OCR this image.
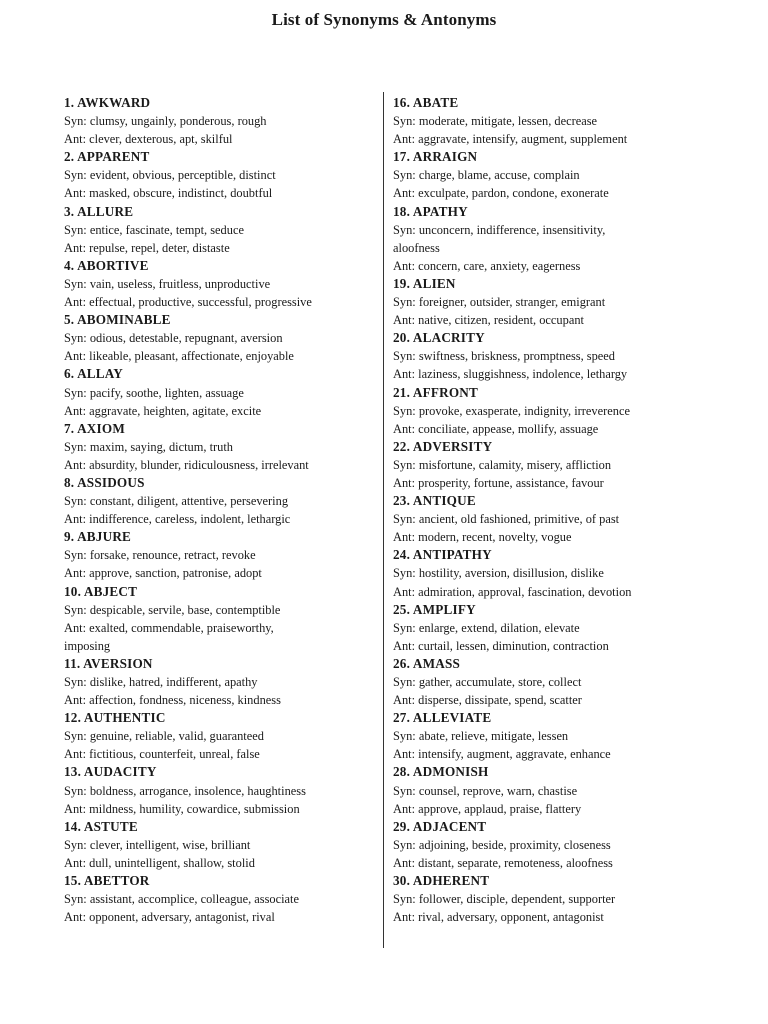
List of Synonyms & Antonyms
1. AWKWARD
Syn: clumsy, ungainly, ponderous, rough
Ant: clever, dexterous, apt, skilful
2. APPARENT
Syn: evident, obvious, perceptible, distinct
Ant: masked, obscure, indistinct, doubtful
3. ALLURE
Syn: entice, fascinate, tempt, seduce
Ant: repulse, repel, deter, distaste
4. ABORTIVE
Syn: vain, useless, fruitless, unproductive
Ant: effectual, productive, successful, progressive
5. ABOMINABLE
Syn: odious, detestable, repugnant, aversion
Ant: likeable, pleasant, affectionate, enjoyable
6. ALLAY
Syn: pacify, soothe, lighten, assuage
Ant: aggravate, heighten, agitate, excite
7. AXIOM
Syn: maxim, saying, dictum, truth
Ant: absurdity, blunder, ridiculousness, irrelevant
8. ASSIDOUS
Syn: constant, diligent, attentive, persevering
Ant: indifference, careless, indolent, lethargic
9. ABJURE
Syn: forsake, renounce, retract, revoke
Ant: approve, sanction, patronise, adopt
10. ABJECT
Syn: despicable, servile, base, contemptible
Ant: exalted, commendable, praiseworthy,
imposing
11. AVERSION
Syn: dislike, hatred, indifferent, apathy
Ant: affection, fondness, niceness, kindness
12. AUTHENTIC
Syn: genuine, reliable, valid, guaranteed
Ant: fictitious, counterfeit, unreal, false
13. AUDACITY
Syn: boldness, arrogance, insolence, haughtiness
Ant: mildness, humility, cowardice, submission
14. ASTUTE
Syn: clever, intelligent, wise, brilliant
Ant: dull, unintelligent, shallow, stolid
15. ABETTOR
Syn: assistant, accomplice, colleague, associate
Ant: opponent, adversary, antagonist, rival
16. ABATE
Syn: moderate, mitigate, lessen, decrease
Ant: aggravate, intensify, augment, supplement
17. ARRAIGN
Syn: charge, blame, accuse, complain
Ant: exculpate, pardon, condone, exonerate
18. APATHY
Syn: unconcern, indifference, insensitivity,
aloofness
Ant: concern, care, anxiety, eagerness
19. ALIEN
Syn: foreigner, outsider, stranger, emigrant
Ant: native, citizen, resident, occupant
20. ALACRITY
Syn: swiftness, briskness, promptness, speed
Ant: laziness, sluggishness, indolence, lethargy
21. AFFRONT
Syn: provoke, exasperate, indignity, irreverence
Ant: conciliate, appease, mollify, assuage
22. ADVERSITY
Syn: misfortune, calamity, misery, affliction
Ant: prosperity, fortune, assistance, favour
23. ANTIQUE
Syn: ancient, old fashioned, primitive, of past
Ant: modern, recent, novelty, vogue
24. ANTIPATHY
Syn: hostility, aversion, disillusion, dislike
Ant: admiration, approval, fascination, devotion
25. AMPLIFY
Syn: enlarge, extend, dilation, elevate
Ant: curtail, lessen, diminution, contraction
26. AMASS
Syn: gather, accumulate, store, collect
Ant: disperse, dissipate, spend, scatter
27. ALLEVIATE
Syn: abate, relieve, mitigate, lessen
Ant: intensify, augment, aggravate, enhance
28. ADMONISH
Syn: counsel, reprove, warn, chastise
Ant: approve, applaud, praise, flattery
29. ADJACENT
Syn: adjoining, beside, proximity, closeness
Ant: distant, separate, remoteness, aloofness
30. ADHERENT
Syn: follower, disciple, dependent, supporter
Ant: rival, adversary, opponent, antagonist
